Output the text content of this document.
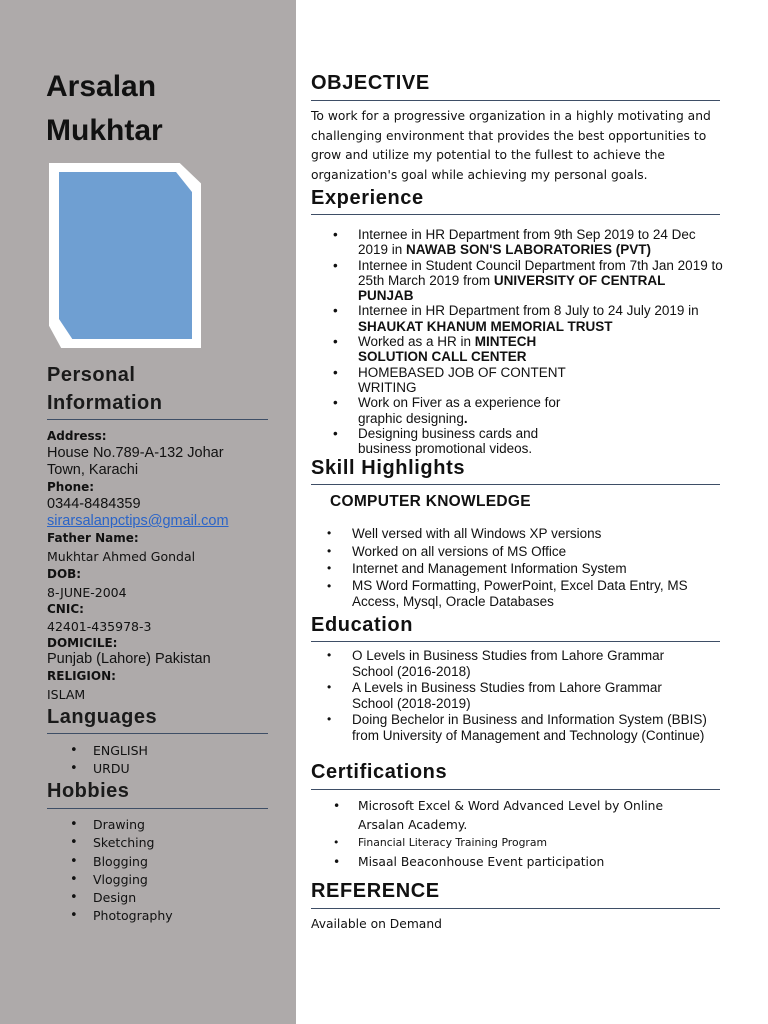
Arsalan
Mukhtar
Personal
Information
Address:
House No.789-A-132 Johar Town, Karachi
Phone:
0344-8484359
sirarsalanpctips@gmail.com
Father Name:
Mukhtar Ahmed Gondal
DOB:
8-JUNE-2004
CNIC:
42401-435978-3
DOMICILE:
Punjab (Lahore) Pakistan
RELIGION:
ISLAM
Languages
• ENGLISH
• URDU
Hobbies
• Drawing
• Sketching
• Blogging
• Vlogging
• Design
• Photography
OBJECTIVE
To work for a progressive organization in a highly motivating and challenging environment that provides the best opportunities to grow and utilize my potential to the fullest to achieve the organization's goal while achieving my personal goals.
Experience
• Internee in HR Department from 9th Sep 2019 to 24 Dec 2019 in NAWAB SON'S LABORATORIES (PVT)
• Internee in Student Council Department from 7th Jan 2019 to 25th March 2019 from UNIVERSITY OF CENTRAL PUNJAB
• Internee in HR Department from 8 July to 24 July 2019 in SHAUKAT KHANUM MEMORIAL TRUST
• Worked as a HR in MINTECH SOLUTION CALL CENTER
• HOMEBASED JOB OF CONTENT WRITING
• Work on Fiver as a experience for graphic designing.
• Designing business cards and business promotional videos.
Skill Highlights
COMPUTER KNOWLEDGE
• Well versed with all Windows XP versions
• Worked on all versions of MS Office
• Internet and Management Information System
• MS Word Formatting, PowerPoint, Excel Data Entry, MS Access, Mysql, Oracle Databases
Education
• O Levels in Business Studies from Lahore Grammar School (2016-2018)
• A Levels in Business Studies from Lahore Grammar School (2018-2019)
• Doing Bechelor in Business and Information System (BBIS) from University of Management and Technology (Continue)
Certifications
• Microsoft Excel & Word Advanced Level by Online Arsalan Academy.
• Financial Literacy Training Program
• Misaal Beaconhouse Event participation
REFERENCE
Available on Demand
